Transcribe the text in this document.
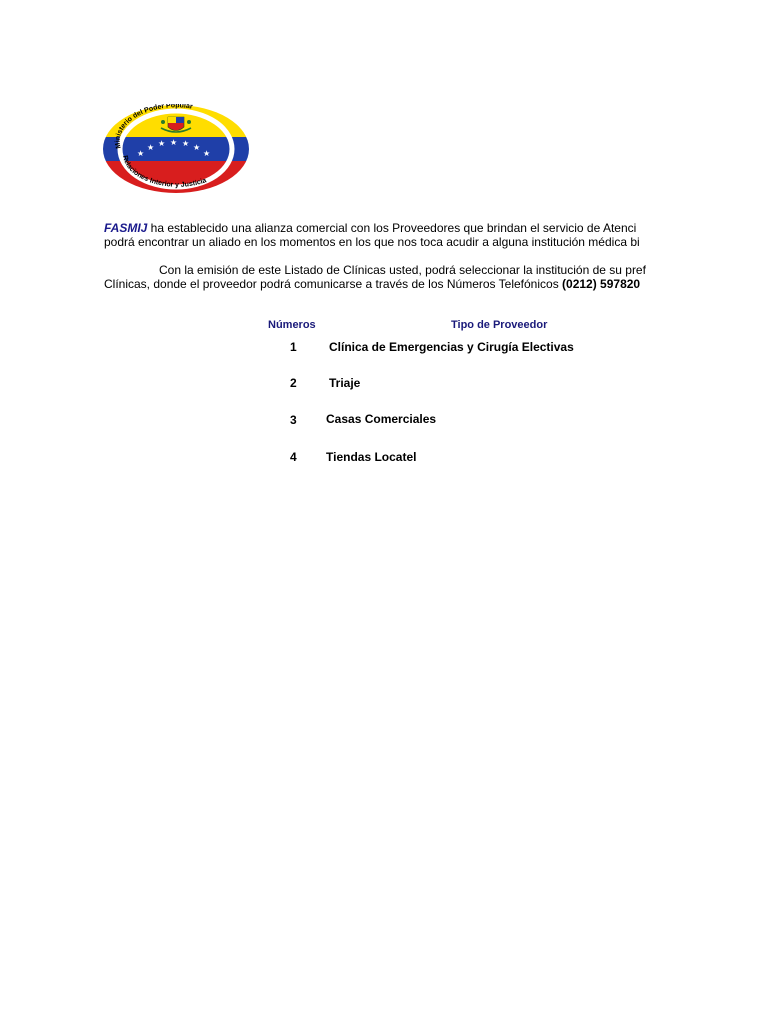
★
★ ★ ★ ★ ★
★
Ministerio del Poder Popular
Relaciones Interior y Justicia
FASMIJ ha establecido una alianza comercial con los Proveedores que brindan el servicio de Atenci
podrá encontrar un aliado en los momentos en los que nos toca acudir a alguna institución médica bi
Con la emisión de este Listado de Clínicas usted, podrá seleccionar la institución de su pref
Clínicas, donde el proveedor podrá comunicarse a través de los Números Telefónicos (0212) 597820
Números	Tipo de Proveedor
1	Clínica de Emergencias y Cirugía Electivas
2	Triaje
3 Casas Comerciales
4 Tiendas Locatel
